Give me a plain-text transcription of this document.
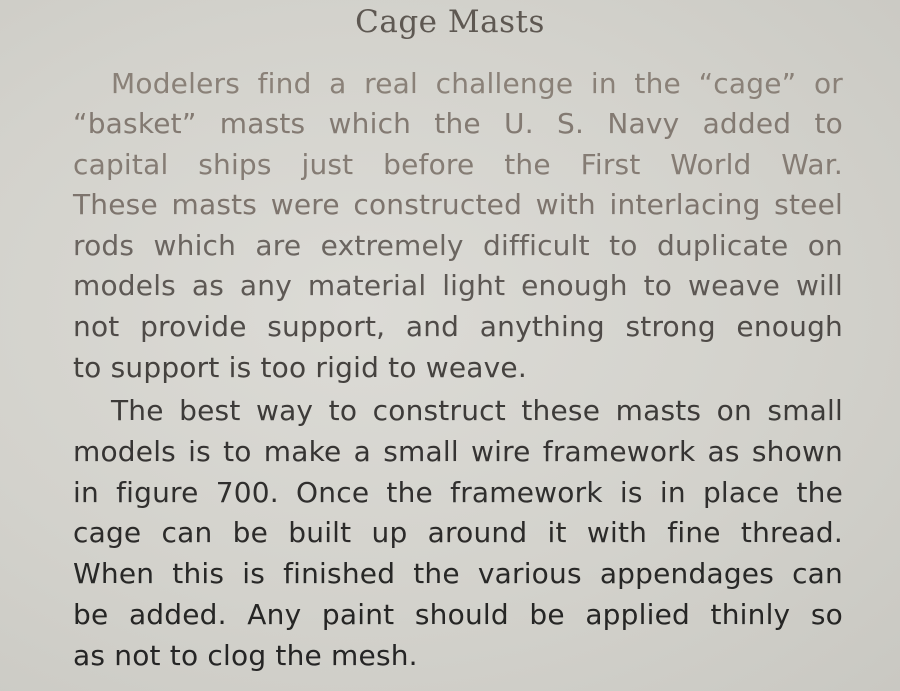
Cage Masts
Modelers find a real challenge in the “cage” or
“basket” masts which the U. S. Navy added to
capital ships just before the First World War.
These masts were constructed with interlacing steel
rods which are extremely difficult to duplicate on
models as any material light enough to weave will
not provide support, and anything strong enough
to support is too rigid to weave.
The best way to construct these masts on small
models is to make a small wire framework as shown
in figure 700. Once the framework is in place the
cage can be built up around it with fine thread.
When this is finished the various appendages can
be added. Any paint should be applied thinly so
as not to clog the mesh.
